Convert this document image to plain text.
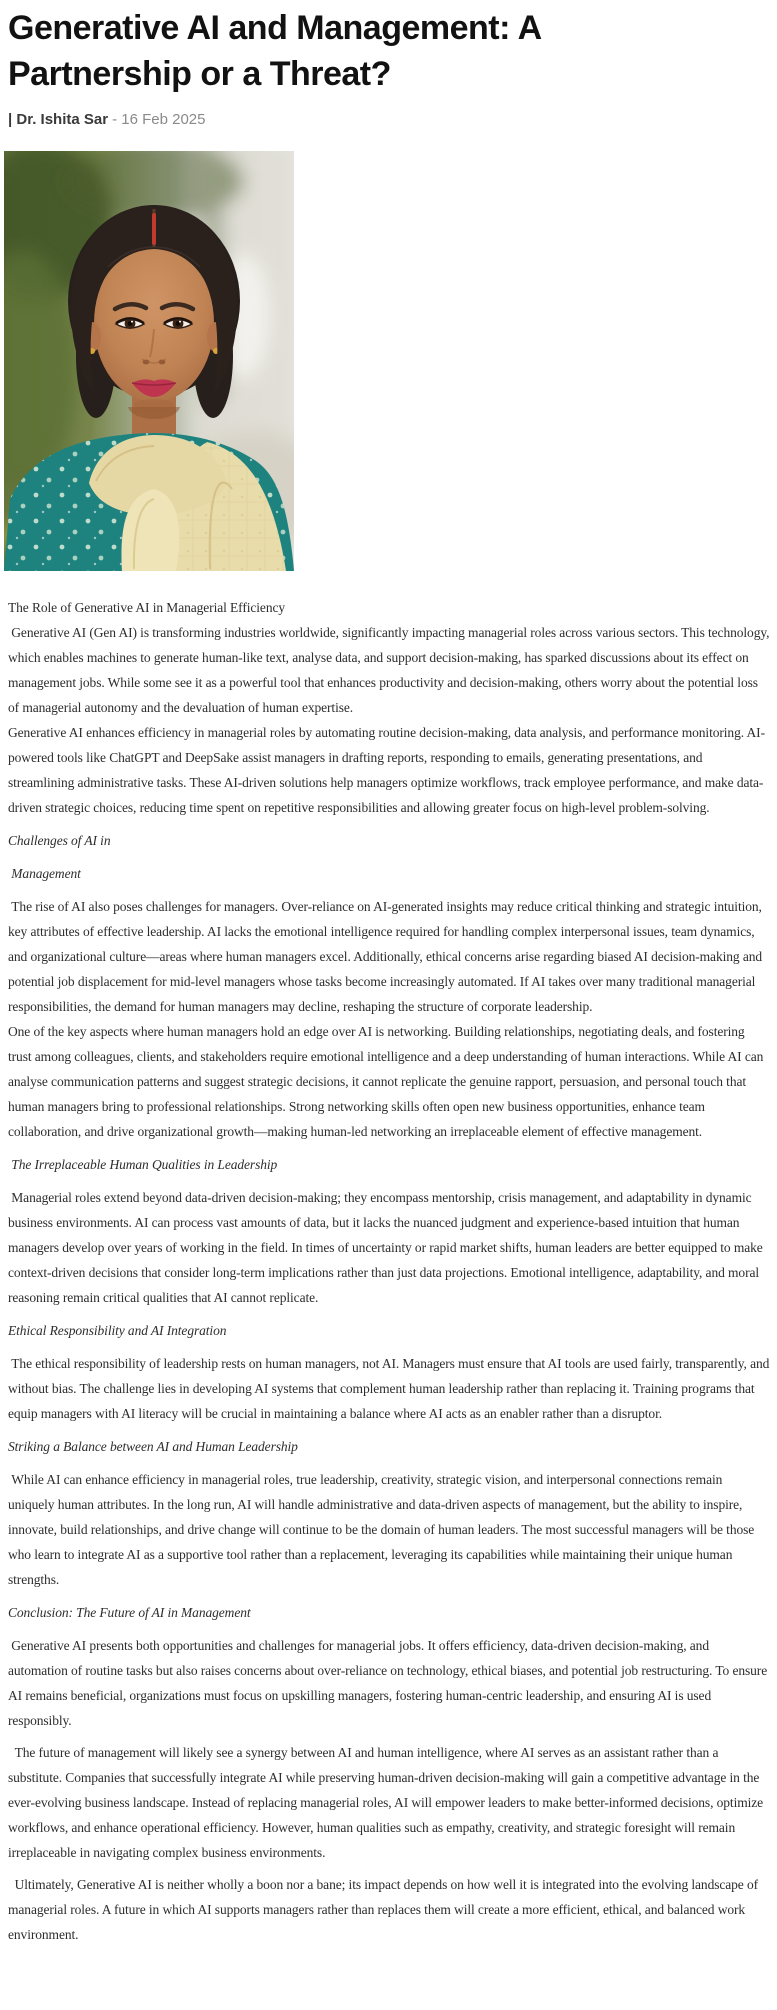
Generative AI and Management: A
Partnership or a Threat?

| Dr. Ishita Sar - 16 Feb 2025

The Role of Generative AI in Managerial Efficiency

Generative AI (Gen AI) is transforming industries worldwide, significantly impacting managerial roles across various sectors. This technology, which enables machines to generate human-like text, analyse data, and support decision-making, has sparked discussions about its effect on management jobs. While some see it as a powerful tool that enhances productivity and decision-making, others worry about the potential loss of managerial autonomy and the devaluation of human expertise.

Generative AI enhances efficiency in managerial roles by automating routine decision-making, data analysis, and performance monitoring. AI-powered tools like ChatGPT and DeepSake assist managers in drafting reports, responding to emails, generating presentations, and streamlining administrative tasks. These AI-driven solutions help managers optimize workflows, track employee performance, and make data-driven strategic choices, reducing time spent on repetitive responsibilities and allowing greater focus on high-level problem-solving.

Challenges of AI in

Management

The rise of AI also poses challenges for managers. Over-reliance on AI-generated insights may reduce critical thinking and strategic intuition, key attributes of effective leadership. AI lacks the emotional intelligence required for handling complex interpersonal issues, team dynamics, and organizational culture—areas where human managers excel. Additionally, ethical concerns arise regarding biased AI decision-making and potential job displacement for mid-level managers whose tasks become increasingly automated. If AI takes over many traditional managerial responsibilities, the demand for human managers may decline, reshaping the structure of corporate leadership.

One of the key aspects where human managers hold an edge over AI is networking. Building relationships, negotiating deals, and fostering trust among colleagues, clients, and stakeholders require emotional intelligence and a deep understanding of human interactions. While AI can analyse communication patterns and suggest strategic decisions, it cannot replicate the genuine rapport, persuasion, and personal touch that human managers bring to professional relationships. Strong networking skills often open new business opportunities, enhance team collaboration, and drive organizational growth—making human-led networking an irreplaceable element of effective management.

The Irreplaceable Human Qualities in Leadership

Managerial roles extend beyond data-driven decision-making; they encompass mentorship, crisis management, and adaptability in dynamic business environments. AI can process vast amounts of data, but it lacks the nuanced judgment and experience-based intuition that human managers develop over years of working in the field. In times of uncertainty or rapid market shifts, human leaders are better equipped to make context-driven decisions that consider long-term implications rather than just data projections. Emotional intelligence, adaptability, and moral reasoning remain critical qualities that AI cannot replicate.

Ethical Responsibility and AI Integration

The ethical responsibility of leadership rests on human managers, not AI. Managers must ensure that AI tools are used fairly, transparently, and without bias. The challenge lies in developing AI systems that complement human leadership rather than replacing it. Training programs that equip managers with AI literacy will be crucial in maintaining a balance where AI acts as an enabler rather than a disruptor.

Striking a Balance between AI and Human Leadership

While AI can enhance efficiency in managerial roles, true leadership, creativity, strategic vision, and interpersonal connections remain uniquely human attributes. In the long run, AI will handle administrative and data-driven aspects of management, but the ability to inspire, innovate, build relationships, and drive change will continue to be the domain of human leaders. The most successful managers will be those who learn to integrate AI as a supportive tool rather than a replacement, leveraging its capabilities while maintaining their unique human strengths.

Conclusion: The Future of AI in Management

Generative AI presents both opportunities and challenges for managerial jobs. It offers efficiency, data-driven decision-making, and automation of routine tasks but also raises concerns about over-reliance on technology, ethical biases, and potential job restructuring. To ensure AI remains beneficial, organizations must focus on upskilling managers, fostering human-centric leadership, and ensuring AI is used responsibly.

The future of management will likely see a synergy between AI and human intelligence, where AI serves as an assistant rather than a substitute. Companies that successfully integrate AI while preserving human-driven decision-making will gain a competitive advantage in the ever-evolving business landscape. Instead of replacing managerial roles, AI will empower leaders to make better-informed decisions, optimize workflows, and enhance operational efficiency. However, human qualities such as empathy, creativity, and strategic foresight will remain irreplaceable in navigating complex business environments.

Ultimately, Generative AI is neither wholly a boon nor a bane; its impact depends on how well it is integrated into the evolving landscape of managerial roles. A future in which AI supports managers rather than replaces them will create a more efficient, ethical, and balanced work environment.
